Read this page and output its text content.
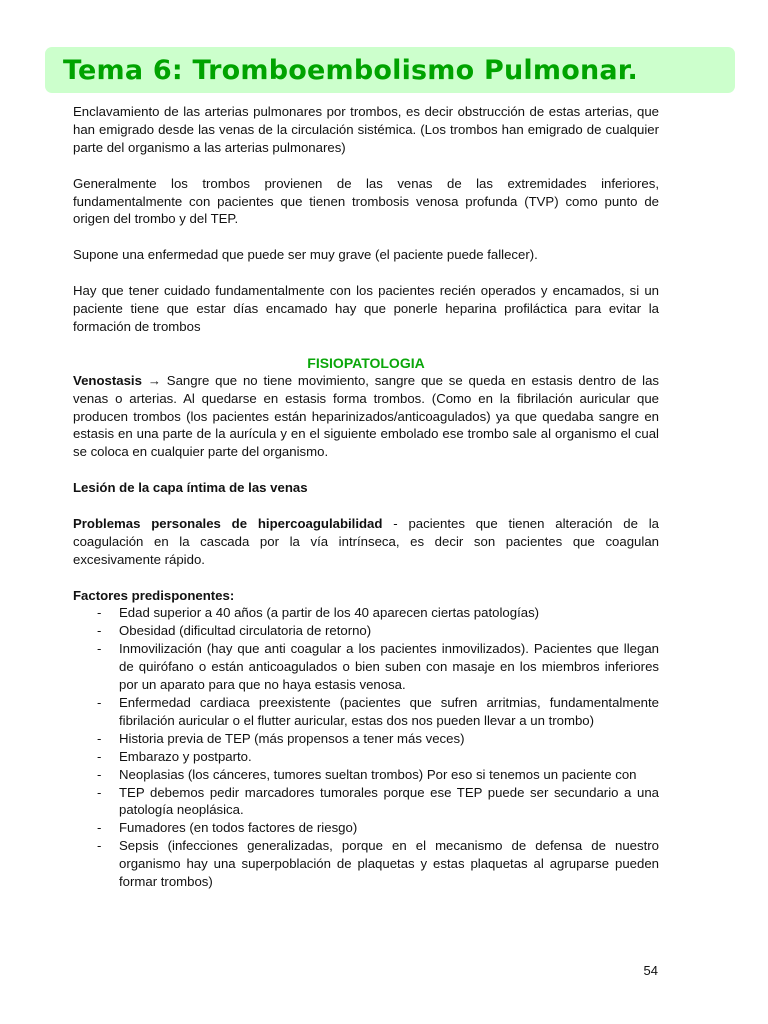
Tema 6: Tromboembolismo Pulmonar.

Enclavamiento de las arterias pulmonares por trombos, es decir obstrucción de estas arterias, que han emigrado desde las venas de la circulación sistémica. (Los trombos han emigrado de cualquier parte del organismo a las arterias pulmonares)

Generalmente los trombos provienen de las venas de las extremidades inferiores, fundamentalmente con pacientes que tienen trombosis venosa profunda (TVP) como punto de origen del trombo y del TEP.

Supone una enfermedad que puede ser muy grave (el paciente puede fallecer).

Hay que tener cuidado fundamentalmente con los pacientes recién operados y encamados, si un paciente tiene que estar días encamado hay que ponerle heparina profiláctica para evitar la formación de trombos

FISIOPATOLOGIA

Venostasis → Sangre que no tiene movimiento, sangre que se queda en estasis dentro de las venas o arterias. Al quedarse en estasis forma trombos. (Como en la fibrilación auricular que producen trombos (los pacientes están heparinizados/anticoagulados) ya que quedaba sangre en estasis en una parte de la aurícula y en el siguiente embolado ese trombo sale al organismo el cual se coloca en cualquier parte del organismo.

Lesión de la capa íntima de las venas

Problemas personales de hipercoagulabilidad - pacientes que tienen alteración de la coagulación en la cascada por la vía intrínseca, es decir son pacientes que coagulan excesivamente rápido.

Factores predisponentes:
- Edad superior a 40 años (a partir de los 40 aparecen ciertas patologías)
- Obesidad (dificultad circulatoria de retorno)
- Inmovilización (hay que anti coagular a los pacientes inmovilizados). Pacientes que llegan de quirófano o están anticoagulados o bien suben con masaje en los miembros inferiores por un aparato para que no haya estasis venosa.
- Enfermedad cardiaca preexistente (pacientes que sufren arritmias, fundamentalmente fibrilación auricular o el flutter auricular, estas dos nos pueden llevar a un trombo)
- Historia previa de TEP (más propensos a tener más veces)
- Embarazo y postparto.
- Neoplasias (los cánceres, tumores sueltan trombos) Por eso si tenemos un paciente con
- TEP debemos pedir marcadores tumorales porque ese TEP puede ser secundario a una patología neoplásica.
- Fumadores (en todos factores de riesgo)
- Sepsis (infecciones generalizadas, porque en el mecanismo de defensa de nuestro organismo hay una superpoblación de plaquetas y estas plaquetas al agruparse pueden formar trombos)
54
